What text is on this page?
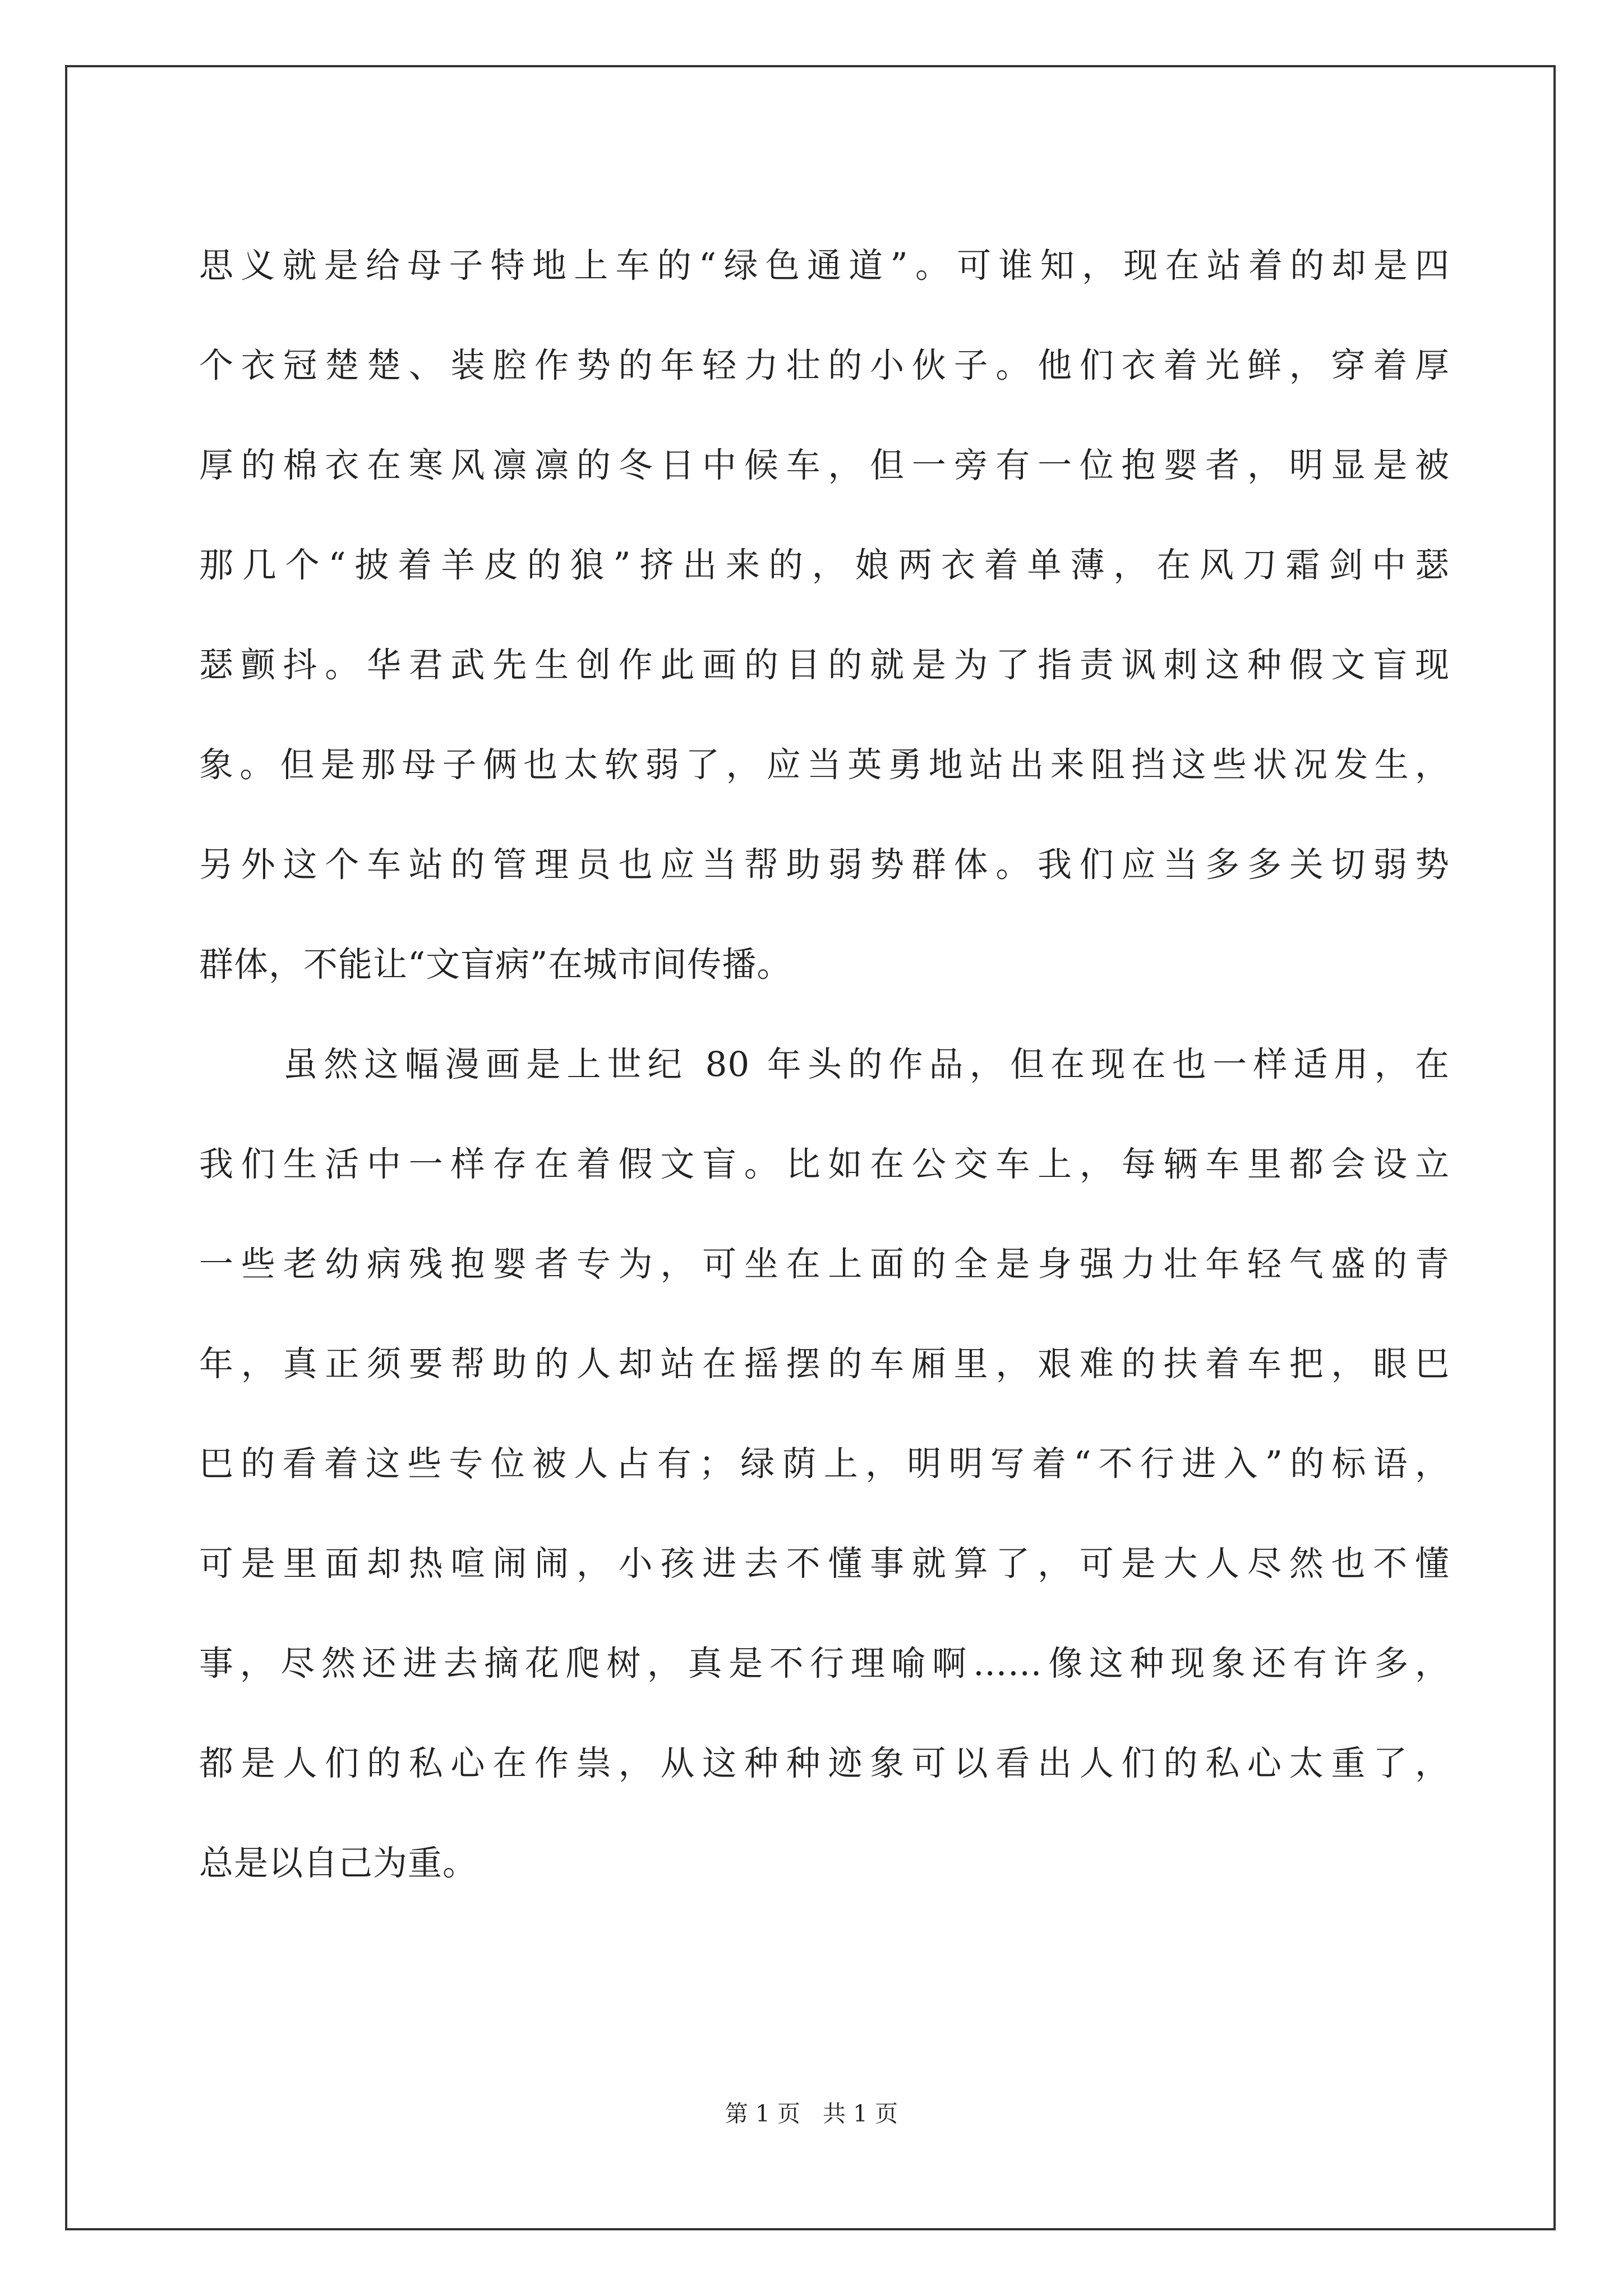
思义就是给母子特地上车的“绿色通道”。可谁知，现在站着的却是四
个衣冠楚楚、装腔作势的年轻力壮的小伙子。他们衣着光鲜，穿着厚
厚的棉衣在寒风凛凛的冬日中候车，但一旁有一位抱婴者，明显是被
那几个“披着羊皮的狼”挤出来的，娘两衣着单薄，在风刀霜剑中瑟
瑟颤抖。华君武先生创作此画的目的就是为了指责讽刺这种假文盲现
象。但是那母子俩也太软弱了，应当英勇地站出来阻挡这些状况发生，
另外这个车站的管理员也应当帮助弱势群体。我们应当多多关切弱势
群体，不能让“文盲病”在城市间传播。
虽然这幅漫画是上世纪 80 年头的作品，但在现在也一样适用，在
我们生活中一样存在着假文盲。比如在公交车上，每辆车里都会设立
一些老幼病残抱婴者专为，可坐在上面的全是身强力壮年轻气盛的青
年，真正须要帮助的人却站在摇摆的车厢里，艰难的扶着车把，眼巴
巴的看着这些专位被人占有；绿荫上，明明写着“不行进入”的标语，
可是里面却热喧闹闹，小孩进去不懂事就算了，可是大人尽然也不懂
事，尽然还进去摘花爬树，真是不行理喻啊……像这种现象还有许多，
都是人们的私心在作祟，从这种种迹象可以看出人们的私心太重了，
总是以自己为重。
第 1 页 共 1 页
